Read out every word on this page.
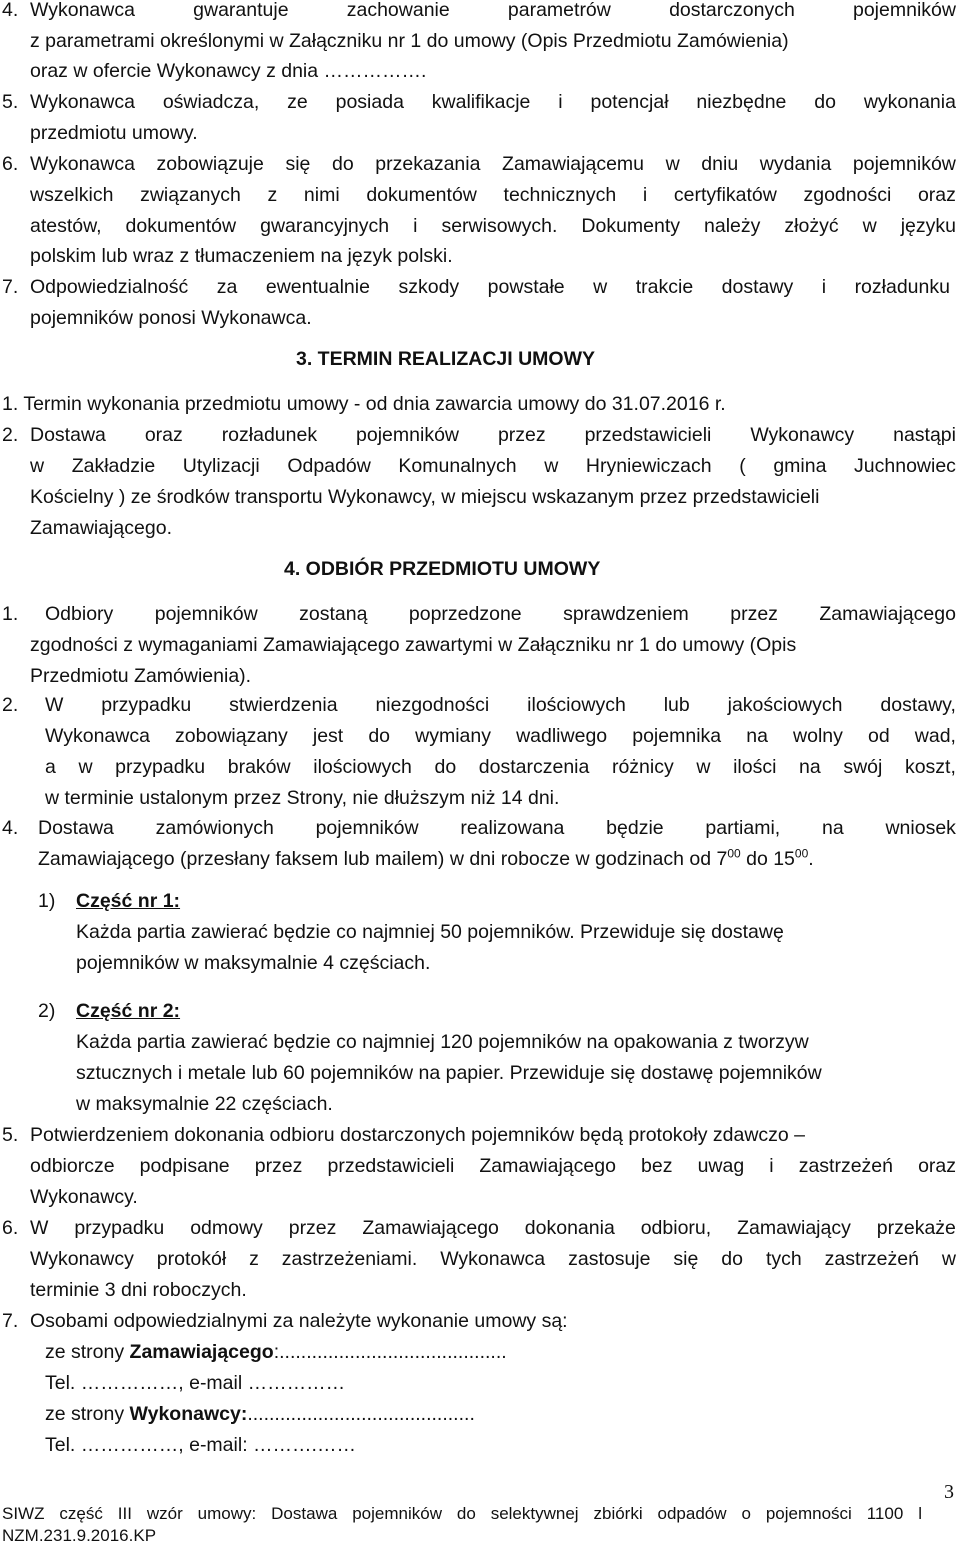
4. Wykonawca	gwarantuje	zachowanie	parametrów	dostarczonych	pojemników
z parametrami określonymi w Załączniku nr 1 do umowy (Opis Przedmiotu Zamówienia)
oraz w ofercie Wykonawcy z dnia …………….
5. Wykonawca oświadcza, ze posiada kwalifikacje i potencjał niezbędne do wykonania
przedmiotu umowy.
6. Wykonawca zobowiązuje się do przekazania Zamawiającemu w dniu wydania pojemników
wszelkich związanych z nimi dokumentów technicznych i certyfikatów zgodności oraz
atestów, dokumentów gwarancyjnych i serwisowych. Dokumenty należy złożyć w języku
polskim lub wraz z tłumaczeniem na język polski.
7. Odpowiedzialność za ewentualnie szkody powstałe w trakcie dostawy i rozładunku
pojemników ponosi Wykonawca.
3. TERMIN REALIZACJI UMOWY
1. Termin wykonania przedmiotu umowy - od dnia zawarcia umowy do 31.07.2016 r.
2. Dostawa oraz rozładunek pojemników przez przedstawicieli Wykonawcy nastąpi
w Zakładzie Utylizacji Odpadów Komunalnych w Hryniewiczach ( gmina Juchnowiec
Kościelny ) ze środków transportu Wykonawcy, w miejscu wskazanym przez przedstawicieli
Zamawiającego.
4. ODBIÓR PRZEDMIOTU UMOWY
1. Odbiory pojemników zostaną poprzedzone sprawdzeniem przez Zamawiającego
zgodności z wymaganiami Zamawiającego zawartymi w Załączniku nr 1 do umowy (Opis
Przedmiotu Zamówienia).
2. W przypadku stwierdzenia niezgodności ilościowych lub jakościowych dostawy,
Wykonawca zobowiązany jest do wymiany wadliwego pojemnika na wolny od wad,
a w przypadku braków ilościowych do dostarczenia różnicy w ilości na swój koszt,
w terminie ustalonym przez Strony, nie dłuższym niż 14 dni.
4. Dostawa zamówionych pojemników realizowana będzie partiami, na wniosek
Zamawiającego (przesłany faksem lub mailem) w dni robocze w godzinach od $7^{00}$ do $15^{00}$.
1) Część nr 1:
Każda partia zawierać będzie co najmniej 50 pojemników. Przewiduje się dostawę
pojemników w maksymalnie 4 częściach.
2) Część nr 2:
Każda partia zawierać będzie co najmniej 120 pojemników na opakowania z tworzyw
sztucznych i metale lub 60 pojemników na papier. Przewiduje się dostawę pojemników
w maksymalnie 22 częściach.
5. Potwierdzeniem dokonania odbioru dostarczonych pojemników będą protokoły zdawczo –
odbiorcze podpisane przez przedstawicieli Zamawiającego bez uwag i zastrzeżeń oraz
Wykonawcy.
6. W przypadku odmowy przez Zamawiającego dokonania odbioru, Zamawiający przekaże
Wykonawcy protokół z zastrzeżeniami. Wykonawca zastosuje się do tych zastrzeżeń w
terminie 3 dni roboczych.
7. Osobami odpowiedzialnymi za należyte wykonanie umowy są:
ze strony Zamawiającego:..........................................
Tel. ……………, e-mail ……………
ze strony Wykonawcy:..........................................
Tel. ……………, e-mail: ……….……
3
SIWZ część III wzór umowy: Dostawa pojemników do selektywnej zbiórki odpadów o pojemności 1100 l
NZM.231.9.2016.KP
